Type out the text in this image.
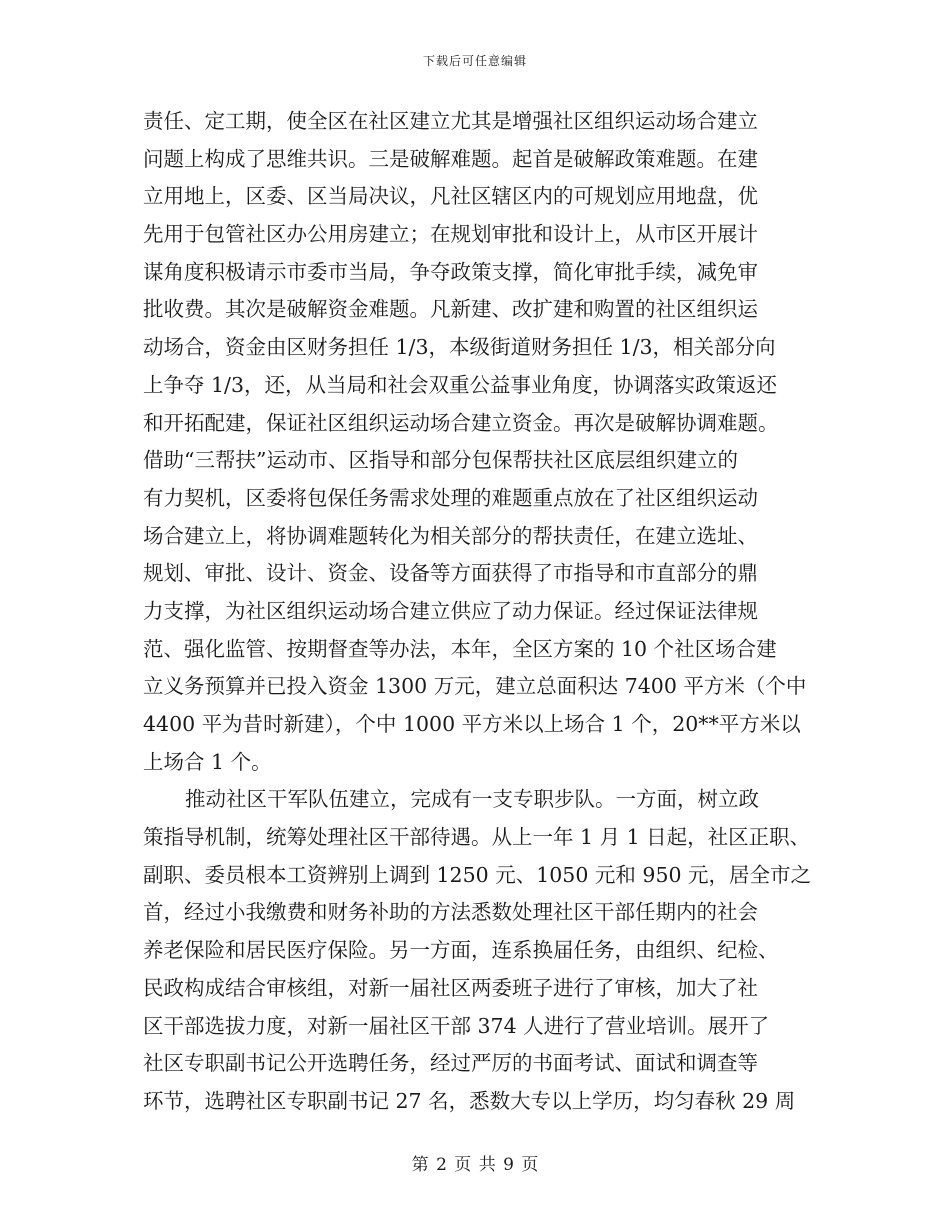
下载后可任意编辑
责任、定工期，使全区在社区建立尤其是增强社区组织运动场合建立
问题上构成了思维共识。三是破解难题。起首是破解政策难题。在建
立用地上，区委、区当局决议，凡社区辖区内的可规划应用地盘，优
先用于包管社区办公用房建立；在规划审批和设计上，从市区开展计
谋角度积极请示市委市当局，争夺政策支撑，简化审批手续，减免审
批收费。其次是破解资金难题。凡新建、改扩建和购置的社区组织运
动场合，资金由区财务担任 1/3，本级街道财务担任 1/3，相关部分向
上争夺 1/3，还，从当局和社会双重公益事业角度，协调落实政策返还
和开拓配建，保证社区组织运动场合建立资金。再次是破解协调难题。
借助“三帮扶”运动市、区指导和部分包保帮扶社区底层组织建立的
有力契机，区委将包保任务需求处理的难题重点放在了社区组织运动
场合建立上，将协调难题转化为相关部分的帮扶责任，在建立选址、
规划、审批、设计、资金、设备等方面获得了市指导和市直部分的鼎
力支撑，为社区组织运动场合建立供应了动力保证。经过保证法律规
范、强化监管、按期督查等办法，本年，全区方案的 10 个社区场合建
立义务预算并已投入资金 1300 万元，建立总面积达 7400 平方米（个中
4400 平为昔时新建），个中 1000 平方米以上场合 1 个，20**平方米以
上场合 1 个。
推动社区干军队伍建立，完成有一支专职步队。一方面，树立政
策指导机制，统筹处理社区干部待遇。从上一年 1 月 1 日起，社区正职、
副职、委员根本工资辨别上调到 1250 元、1050 元和 950 元，居全市之
首，经过小我缴费和财务补助的方法悉数处理社区干部任期内的社会
养老保险和居民医疗保险。另一方面，连系换届任务，由组织、纪检、
民政构成结合审核组，对新一届社区两委班子进行了审核，加大了社
区干部选拔力度，对新一届社区干部 374 人进行了营业培训。展开了
社区专职副书记公开选聘任务，经过严厉的书面考试、面试和调查等
环节，选聘社区专职副书记 27 名，悉数大专以上学历，均匀春秋 29 周
第 2 页 共 9 页
